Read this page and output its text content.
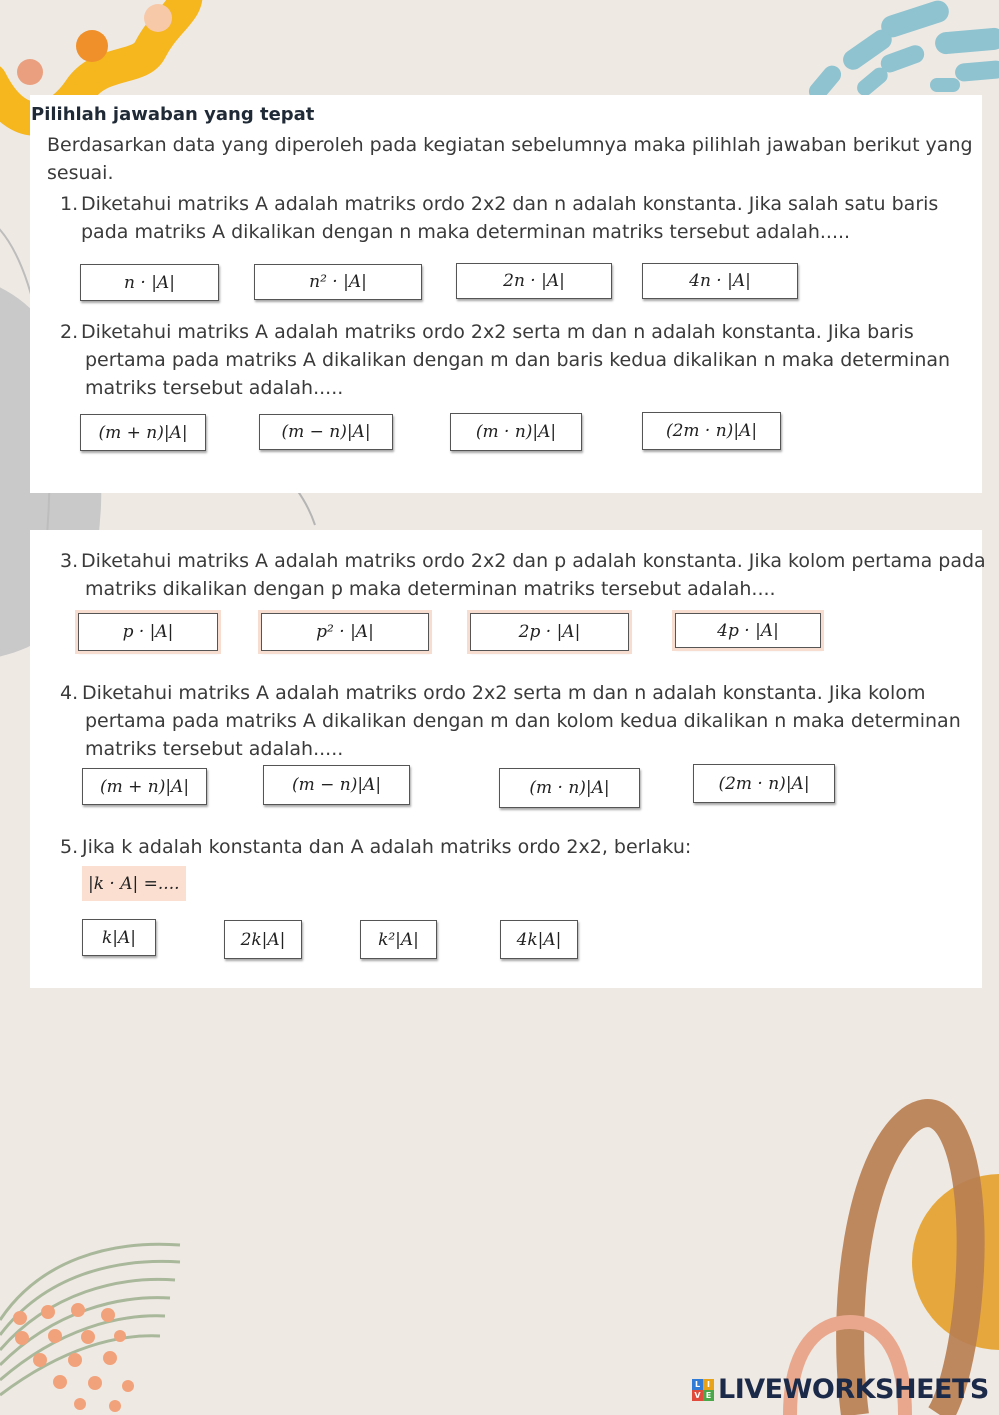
Pilihlah jawaban yang tepat
Berdasarkan data yang diperoleh pada kegiatan sebelumnya maka pilihlah jawaban berikut yang
sesuai.
1. Diketahui matriks A adalah matriks ordo 2x2 dan n adalah konstanta. Jika salah satu baris
pada matriks A dikalikan dengan n maka determinan matriks tersebut adalah.....
n · |A|	n² · |A|	2n · |A|	4n · |A|
2. Diketahui matriks A adalah matriks ordo 2x2 serta m dan n adalah konstanta. Jika baris
pertama pada matriks A dikalikan dengan m dan baris kedua dikalikan n maka determinan
matriks tersebut adalah.....
(m + n)|A|	(m − n)|A|	(m · n)|A|	(2m · n)|A|
3. Diketahui matriks A adalah matriks ordo 2x2 dan p adalah konstanta. Jika kolom pertama pada
matriks dikalikan dengan p maka determinan matriks tersebut adalah....
p · |A|	p² · |A|	2p · |A|	4p · |A|
4. Diketahui matriks A adalah matriks ordo 2x2 serta m dan n adalah konstanta. Jika kolom
pertama pada matriks A dikalikan dengan m dan kolom kedua dikalikan n maka determinan
matriks tersebut adalah.....
(m + n)|A|	(m − n)|A|	(m · n)|A|	(2m · n)|A|
5. Jika k adalah konstanta dan A adalah matriks ordo 2x2, berlaku:
|k · A| =....
k|A|	2k|A|	k²|A|	4k|A|
L I
V E LIVEWORKSHEETS
